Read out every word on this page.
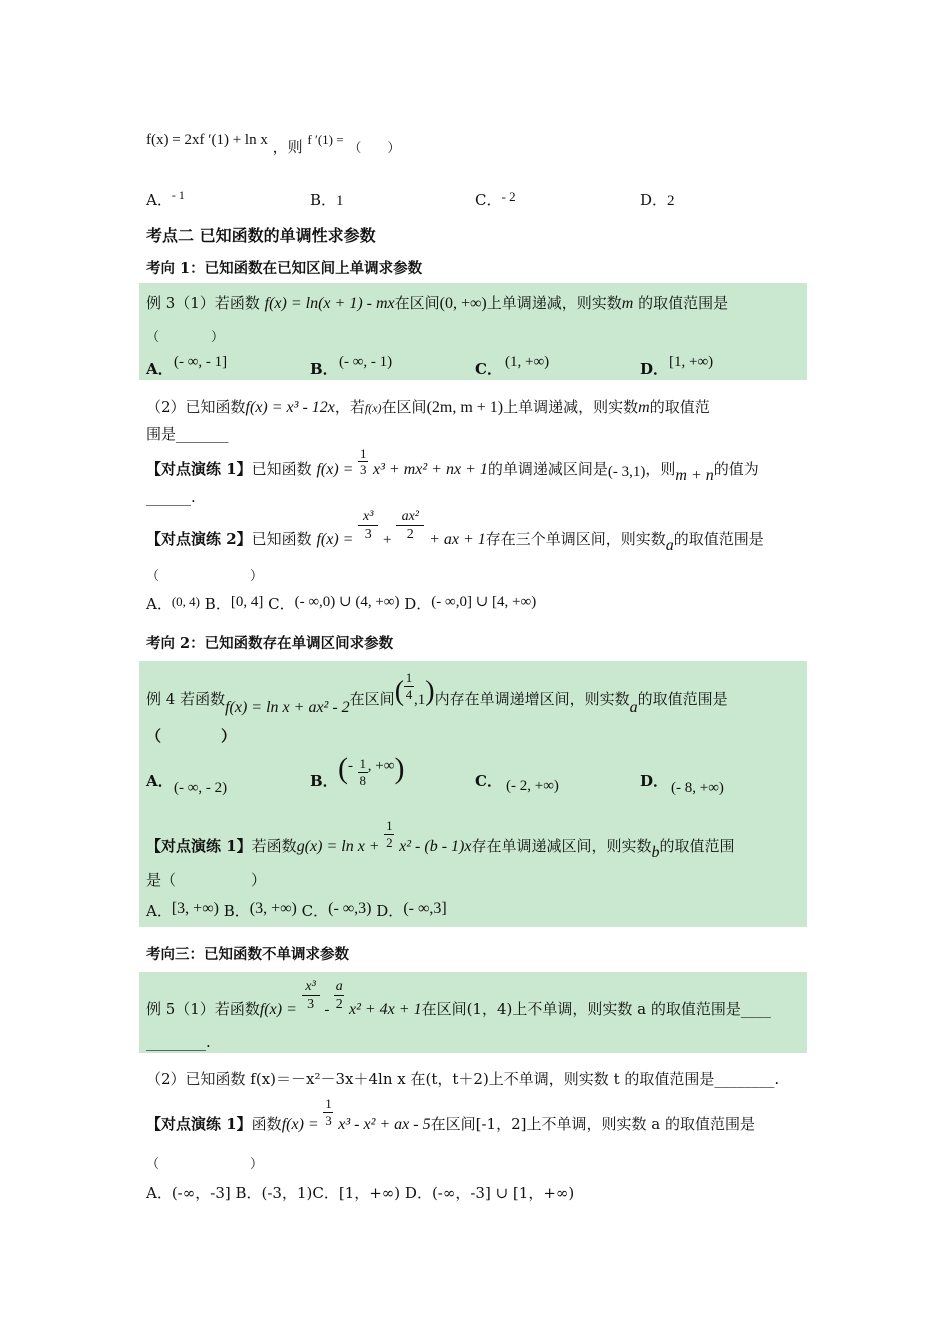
f(x) = 2xf ′(1) + ln x ，则 f ′(1) = （　　）
A．$^{- 1}$	B．1	C．- 2	D．2
考点二 已知函数的单调性求参数
考向 1：已知函数在已知区间上单调求参数
例 3（1）若函数 f(x) = ln(x + 1) - mx在区间(0, +∞)上单调递减，则实数m 的取值范围是
（　　　　）
A． (- ∞, - 1]	B． (- ∞, - 1)	C． (1, +∞)	D． [1, +∞)
（2）已知函数f(x) = x³ - 12x，若f(x)在区间(2m, m + 1)上单调递减，则实数m的取值范
围是_______
【对点演练 1】已知函数 $f(x) = \frac{1}{3} x^3 + mx^2$ + nx + 1的单调递减区间是(- 3,1)，则m + n的值为
______.
【对点演练 2】已知函数 $f(x) = \frac{\text{x³}}{3} + \frac{\text{ax²}}{2}$ + ax + 1存在三个单调区间，则实数a的取值范围是
（　　　　　　　）
A．(0, 4) B．[0, 4] C．(- ∞,0) ∪ (4, +∞) D．(- ∞,0] ∪ [4, +∞)
考向 2：已知函数存在单调区间求参数
例 4 若函数f(x) = ln x + ax² - 2在区间( $\frac{1}{4} ,1$)内存在单调递增区间，则实数a的取值范围是
（　　　　）
A． (- ∞, - 2)	B． (- $\frac{1}{8}$ , +∞)	C． (- 2, +∞)	D． (- 8, +∞)
【对点演练 1】若函数$g(x) = \ln x + \frac{1}{2} x^2 - (b - 1)x$存在单调递减区间，则实数b的取值范围
是（　　　　　）
A．[3, +∞) B．(3, +∞) C．(- ∞,3) D．(- ∞,3]
考向三：已知函数不单调求参数
例 5（1）若函数$f(x) = \frac{\text{x³}}{3} - \frac{a}{2} x^2 + 4x + 1$在区间(1，4)上不单调，则实数 a 的取值范围是____
________.
（2）已知函数 f(x)＝－x²－3x＋4ln x 在(t，t＋2)上不单调，则实数 t 的取值范围是________.
【对点演练 1】函数$f(x) = \frac{1}{3} x^3 - x^2$ + ax - 5在区间[-1，2]上不单调，则实数 a 的取值范围是
（　　　　　　　）
A．(-∞，-3] B．(-3，1)C．[1，+∞) D．(-∞，-3] ∪ [1，+∞)
